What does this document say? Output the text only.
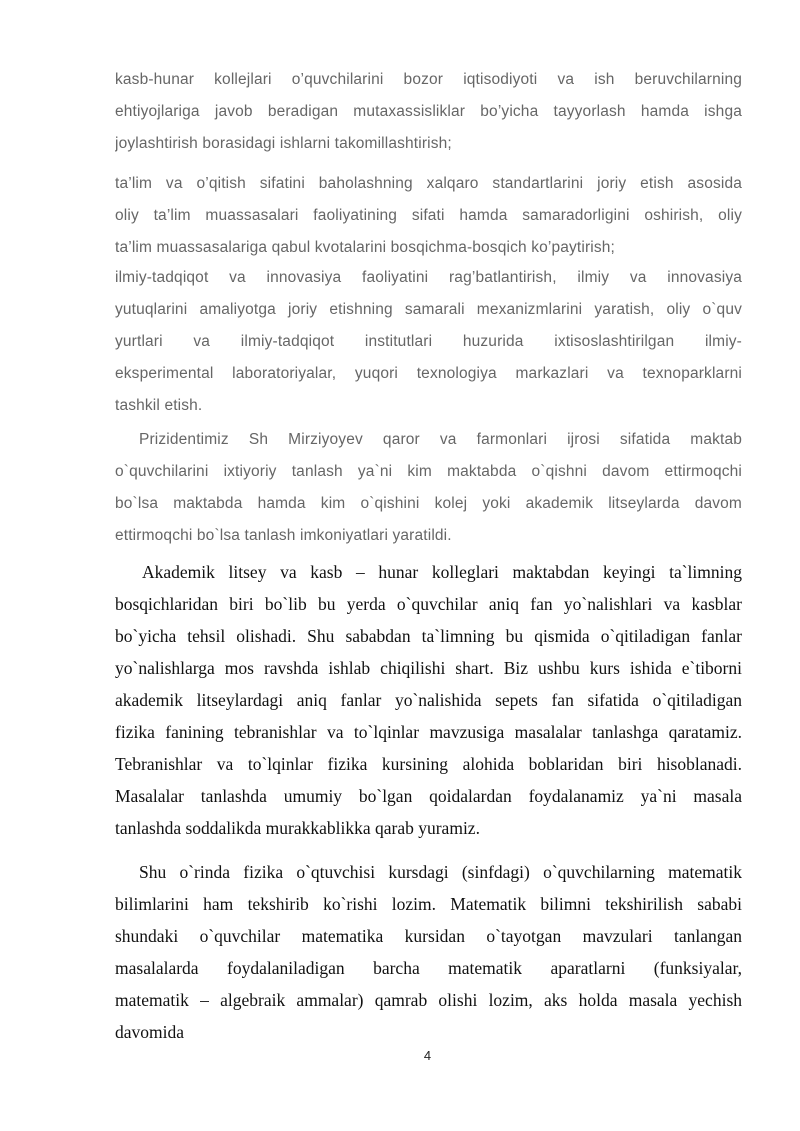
kasb-hunar kollejlari o’quvchilarini bozor iqtisodiyoti va ish beruvchilarning
ehtiyojlariga javob beradigan mutaxassisliklar bo’yicha tayyorlash hamda ishga
joylashtirish borasidagi ishlarni takomillashtirish;
ta’lim va o’qitish sifatini baholashning xalqaro standartlarini joriy etish asosida
oliy ta’lim muassasalari faoliyatining sifati hamda samaradorligini oshirish, oliy
ta’lim muassasalariga qabul kvotalarini bosqichma-bosqich ko’paytirish;
ilmiy-tadqiqot va innovasiya faoliyatini rag’batlantirish, ilmiy va innovasiya
yutuqlarini amaliyotga joriy etishning samarali mexanizmlarini yaratish, oliy o`quv
yurtlari va ilmiy-tadqiqot institutlari huzurida ixtisoslashtirilgan ilmiy-
eksperimental laboratoriyalar, yuqori texnologiya markazlari va texnoparklarni
tashkil etish.
Prizidentimiz Sh Mirziyoyev qaror va farmonlari ijrosi sifatida maktab
o`quvchilarini ixtiyoriy tanlash ya`ni kim maktabda o`qishni davom ettirmoqchi
bo`lsa maktabda hamda kim o`qishini kolej yoki akademik litseylarda davom
ettirmoqchi bo`lsa tanlash imkoniyatlari yaratildi.
Akademik litsey va kasb – hunar kolleglari maktabdan keyingi ta`limning
bosqichlaridan biri bo`lib bu yerda o`quvchilar aniq fan yo`nalishlari va kasblar
bo`yicha tehsil olishadi. Shu sababdan ta`limning bu qismida o`qitiladigan fanlar
yo`nalishlarga mos ravshda ishlab chiqilishi shart. Biz ushbu kurs ishida e`tiborni
akademik litseylardagi aniq fanlar yo`nalishida sepets fan sifatida o`qitiladigan
fizika fanining tebranishlar va to`lqinlar mavzusiga masalalar tanlashga qaratamiz.
Tebranishlar va to`lqinlar fizika kursining alohida boblaridan biri hisoblanadi.
Masalalar tanlashda umumiy bo`lgan qoidalardan foydalanamiz ya`ni masala
tanlashda soddalikda murakkablikka qarab yuramiz.
Shu o`rinda fizika o`qtuvchisi kursdagi (sinfdagi) o`quvchilarning matematik
bilimlarini ham tekshirib ko`rishi lozim. Matematik bilimni tekshirilish sababi
shundaki o`quvchilar matematika kursidan o`tayotgan mavzulari tanlangan
masalalarda foydalaniladigan barcha matematik aparatlarni (funksiyalar,
matematik – algebraik ammalar) qamrab olishi lozim, aks holda masala yechish
davomida
4
